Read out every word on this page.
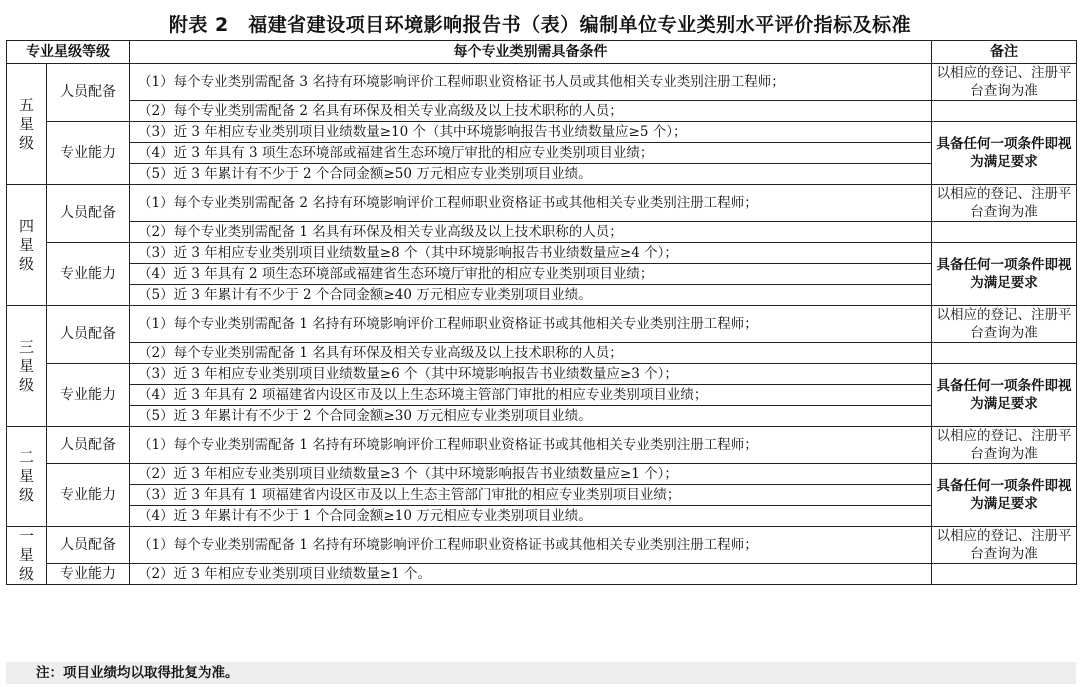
附表 2　福建省建设项目环境影响报告书（表）编制单位专业类别水平评价指标及标准
专业星级等级		每个专业类别需具备条件	备注

五
星
级	人员配备	（1）每个专业类别需配备 3 名持有环境影响评价工程师职业资格证书人员或其他相关专业类别注册工程师；	以相应的登记、注册平台查询为准
		（2）每个专业类别需配备 2 名具有环保及相关专业高级及以上技术职称的人员；	
	专业能力	（3）近 3 年相应专业类别项目业绩数量≥10 个（其中环境影响报告书业绩数量应≥5 个）；	具备任何一项条件即视为满足要求
		（4）近 3 年具有 3 项生态环境部或福建省生态环境厅审批的相应专业类别项目业绩；	
		（5）近 3 年累计有不少于 2 个合同金额≥50 万元相应专业类别项目业绩。	

四
星
级	人员配备	（1）每个专业类别需配备 2 名持有环境影响评价工程师职业资格证书或其他相关专业类别注册工程师；	以相应的登记、注册平台查询为准
		（2）每个专业类别需配备 1 名具有环保及相关专业高级及以上技术职称的人员；	
	专业能力	（3）近 3 年相应专业类别项目业绩数量≥8 个（其中环境影响报告书业绩数量应≥4 个）；	具备任何一项条件即视为满足要求
		（4）近 3 年具有 2 项生态环境部或福建省生态环境厅审批的相应专业类别项目业绩；	
		（5）近 3 年累计有不少于 2 个合同金额≥40 万元相应专业类别项目业绩。	

三
星
级	人员配备	（1）每个专业类别需配备 1 名持有环境影响评价工程师职业资格证书或其他相关专业类别注册工程师；	以相应的登记、注册平台查询为准
		（2）每个专业类别需配备 1 名具有环保及相关专业高级及以上技术职称的人员；	
	专业能力	（3）近 3 年相应专业类别项目业绩数量≥6 个（其中环境影响报告书业绩数量应≥3 个）；	具备任何一项条件即视为满足要求
		（4）近 3 年具有 2 项福建省内设区市及以上生态环境主管部门审批的相应专业类别项目业绩；	
		（5）近 3 年累计有不少于 2 个合同金额≥30 万元相应专业类别项目业绩。	

二
星
级	人员配备	（1）每个专业类别需配备 1 名持有环境影响评价工程师职业资格证书或其他相关专业类别注册工程师；	以相应的登记、注册平台查询为准
	专业能力	（2）近 3 年相应专业类别项目业绩数量≥3 个（其中环境影响报告书业绩数量应≥1 个）；	具备任何一项条件即视为满足要求
		（3）近 3 年具有 1 项福建省内设区市及以上生态主管部门审批的相应专业类别项目业绩；	
		（4）近 3 年累计有不少于 1 个合同金额≥10 万元相应专业类别项目业绩。	

一
星
级	人员配备	（1）每个专业类别需配备 1 名持有环境影响评价工程师职业资格证书或其他相关专业类别注册工程师；	以相应的登记、注册平台查询为准
	专业能力	（2）近 3 年相应专业类别项目业绩数量≥1 个。	
注：项目业绩均以取得批复为准。
